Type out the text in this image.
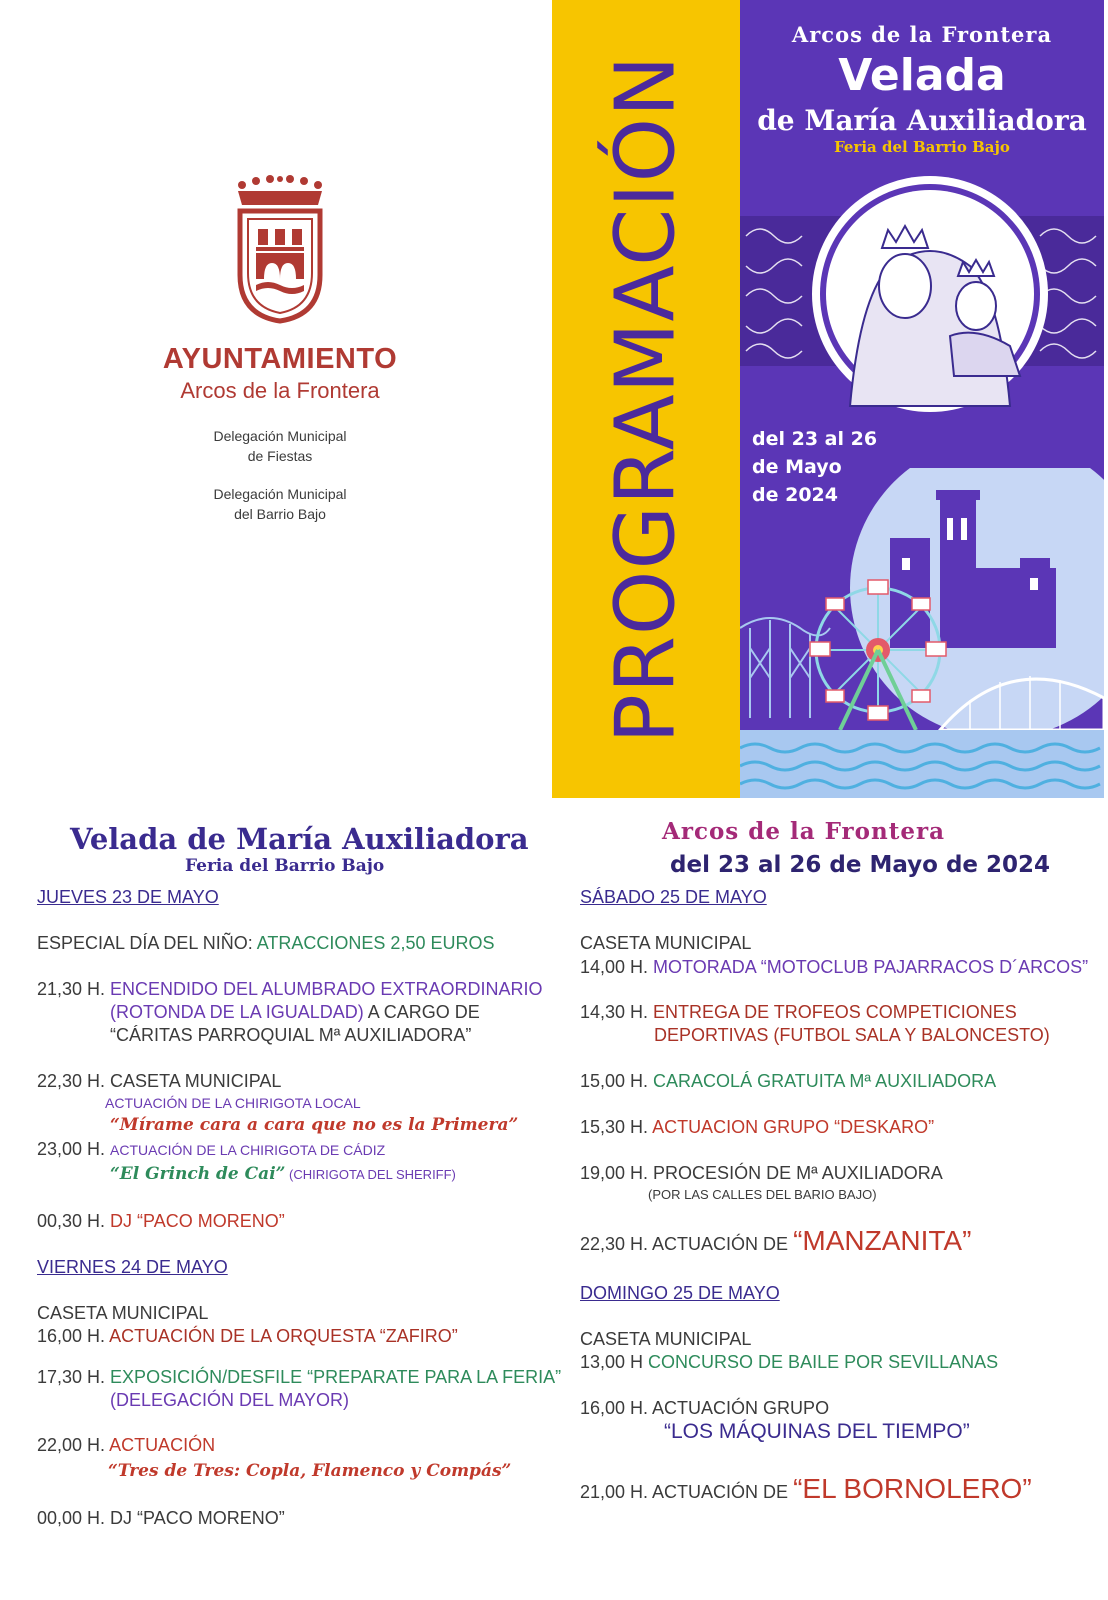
AYUNTAMIENTO
Arcos de la Frontera
Delegación Municipal
de Fiestas
Delegación Municipal
del Barrio Bajo	PROGRAMACIÓN
Arcos de la Frontera
Velada
de María Auxiliadora
Feria del Barrio Bajo
del 23 al 26
de Mayo
de 2024
Velada de María Auxiliadora
Feria del Barrio Bajo
Arcos de la Frontera
del 23 al 26 de Mayo de 2024
JUEVES 23 DE MAYO
ESPECIAL DÍA DEL NIÑO: ATRACCIONES 2,50 EUROS
21,30 H. ENCENDIDO DEL ALUMBRADO EXTRAORDINARIO
(ROTONDA DE LA IGUALDAD) A CARGO DE
“CÁRITAS PARROQUIAL Mª AUXILIADORA”
22,30 H. CASETA MUNICIPAL
ACTUACIÓN DE LA CHIRIGOTA LOCAL
“Mírame cara a cara que no es la Primera”
23,00 H. ACTUACIÓN DE LA CHIRIGOTA DE CÁDIZ
“El Grinch de Cai” (CHIRIGOTA DEL SHERIFF)
00,30 H. DJ “PACO MORENO”
VIERNES 24 DE MAYO
CASETA MUNICIPAL
16,00 H. ACTUACIÓN DE LA ORQUESTA “ZAFIRO”
17,30 H. EXPOSICIÓN/DESFILE “PREPARATE PARA LA FERIA”
(DELEGACIÓN DEL MAYOR)
22,00 H. ACTUACIÓN
“Tres de Tres: Copla, Flamenco y Compás”
00,00 H. DJ “PACO MORENO”
SÁBADO 25 DE MAYO
CASETA MUNICIPAL
14,00 H. MOTORADA “MOTOCLUB PAJARRACOS D´ARCOS”
14,30 H. ENTREGA DE TROFEOS COMPETICIONES
DEPORTIVAS (FUTBOL SALA Y BALONCESTO)
15,00 H. CARACOLÁ GRATUITA Mª AUXILIADORA
15,30 H. ACTUACION GRUPO “DESKARO”
19,00 H. PROCESIÓN DE Mª AUXILIADORA
(POR LAS CALLES DEL BARIO BAJO)
22,30 H. ACTUACIÓN DE “MANZANITA”
DOMINGO 25 DE MAYO
CASETA MUNICIPAL
13,00 H CONCURSO DE BAILE POR SEVILLANAS
16,00 H. ACTUACIÓN GRUPO
“LOS MÁQUINAS DEL TIEMPO”
21,00 H. ACTUACIÓN DE “EL BORNOLERO”
